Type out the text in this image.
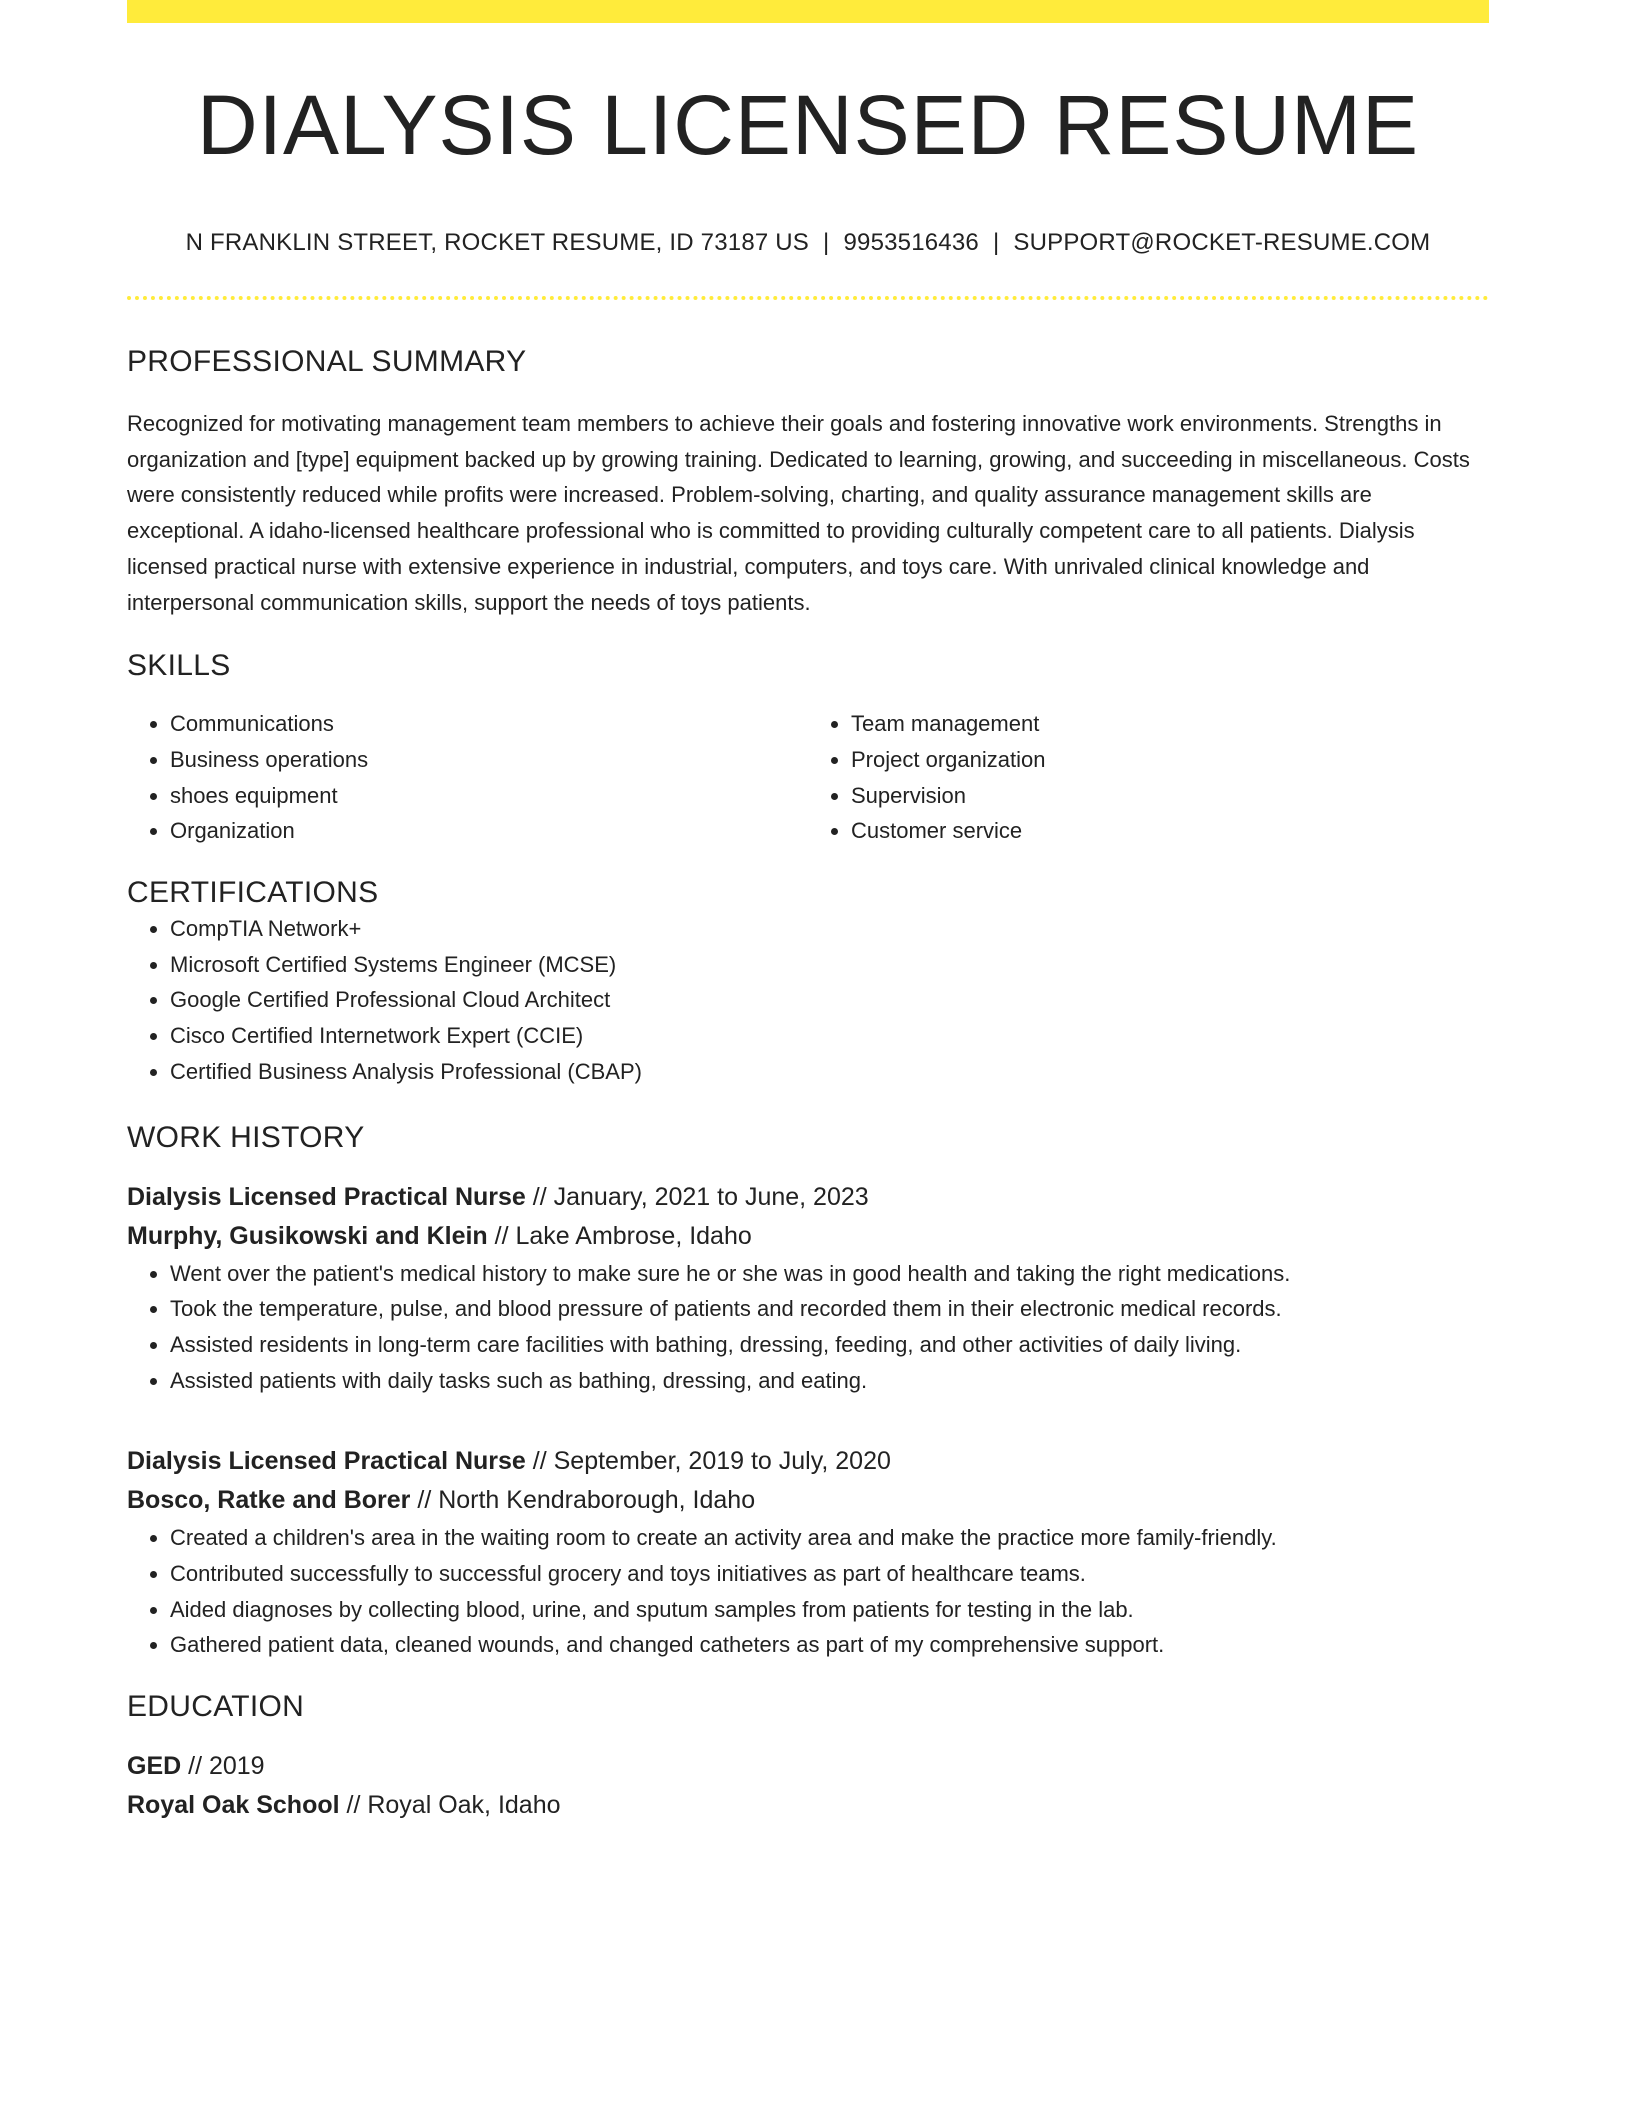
DIALYSIS LICENSED RESUME
N FRANKLIN STREET, ROCKET RESUME, ID 73187 US | 9953516436 | SUPPORT@ROCKET-RESUME.COM
PROFESSIONAL SUMMARY

Recognized for motivating management team members to achieve their goals and fostering innovative work environments. Strengths in organization and [type] equipment backed up by growing training. Dedicated to learning, growing, and succeeding in miscellaneous. Costs were consistently reduced while profits were increased. Problem-solving, charting, and quality assurance management skills are exceptional. A idaho-licensed healthcare professional who is committed to providing culturally competent care to all patients. Dialysis licensed practical nurse with extensive experience in industrial, computers, and toys care. With unrivaled clinical knowledge and interpersonal communication skills, support the needs of toys patients.

SKILLS
• Communications
• Business operations
• shoes equipment
• Organization
• Team management
• Project organization
• Supervision
• Customer service
CERTIFICATIONS
• CompTIA Network+
• Microsoft Certified Systems Engineer (MCSE)
• Google Certified Professional Cloud Architect
• Cisco Certified Internetwork Expert (CCIE)
• Certified Business Analysis Professional (CBAP)
WORK HISTORY
Dialysis Licensed Practical Nurse // January, 2021 to June, 2023
Murphy, Gusikowski and Klein // Lake Ambrose, Idaho
• Went over the patient's medical history to make sure he or she was in good health and taking the right medications.
• Took the temperature, pulse, and blood pressure of patients and recorded them in their electronic medical records.
• Assisted residents in long-term care facilities with bathing, dressing, feeding, and other activities of daily living.
• Assisted patients with daily tasks such as bathing, dressing, and eating.
Dialysis Licensed Practical Nurse // September, 2019 to July, 2020
Bosco, Ratke and Borer // North Kendraborough, Idaho
• Created a children's area in the waiting room to create an activity area and make the practice more family-friendly.
• Contributed successfully to successful grocery and toys initiatives as part of healthcare teams.
• Aided diagnoses by collecting blood, urine, and sputum samples from patients for testing in the lab.
• Gathered patient data, cleaned wounds, and changed catheters as part of my comprehensive support.
EDUCATION
GED // 2019
Royal Oak School // Royal Oak, Idaho
